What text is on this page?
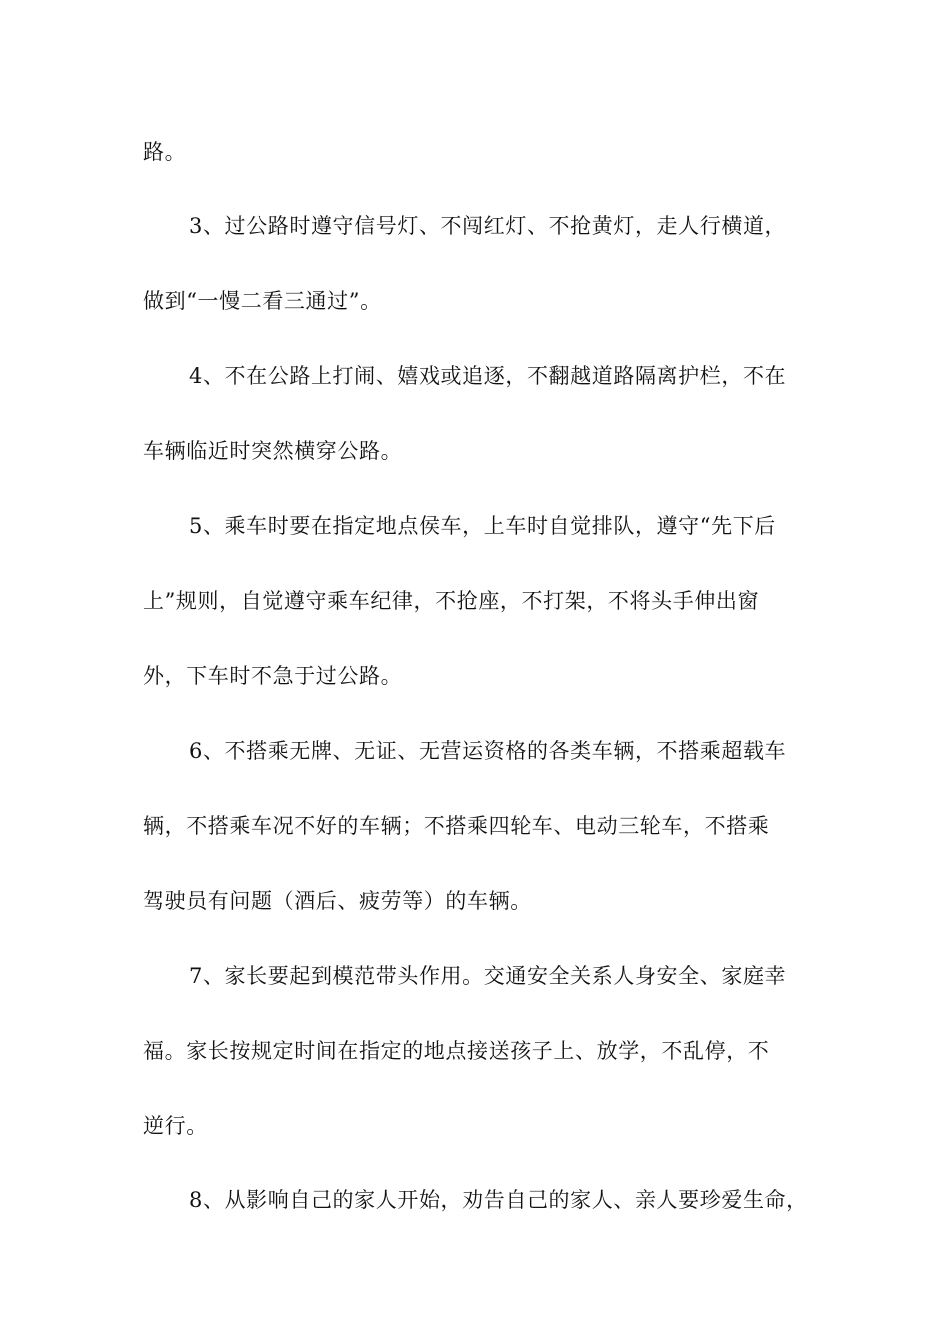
路。
3、过公路时遵守信号灯、不闯红灯、不抢黄灯，走人行横道，
做到“一慢二看三通过”。
4、不在公路上打闹、嬉戏或追逐，不翻越道路隔离护栏，不在
车辆临近时突然横穿公路。
5、乘车时要在指定地点侯车，上车时自觉排队，遵守“先下后
上”规则，自觉遵守乘车纪律，不抢座，不打架，不将头手伸出窗
外，下车时不急于过公路。
6、不搭乘无牌、无证、无营运资格的各类车辆，不搭乘超载车
辆，不搭乘车况不好的车辆；不搭乘四轮车、电动三轮车，不搭乘
驾驶员有问题（酒后、疲劳等）的车辆。
7、家长要起到模范带头作用。交通安全关系人身安全、家庭幸
福。家长按规定时间在指定的地点接送孩子上、放学，不乱停，不
逆行。
8、从影响自己的家人开始，劝告自己的家人、亲人要珍爱生命，
